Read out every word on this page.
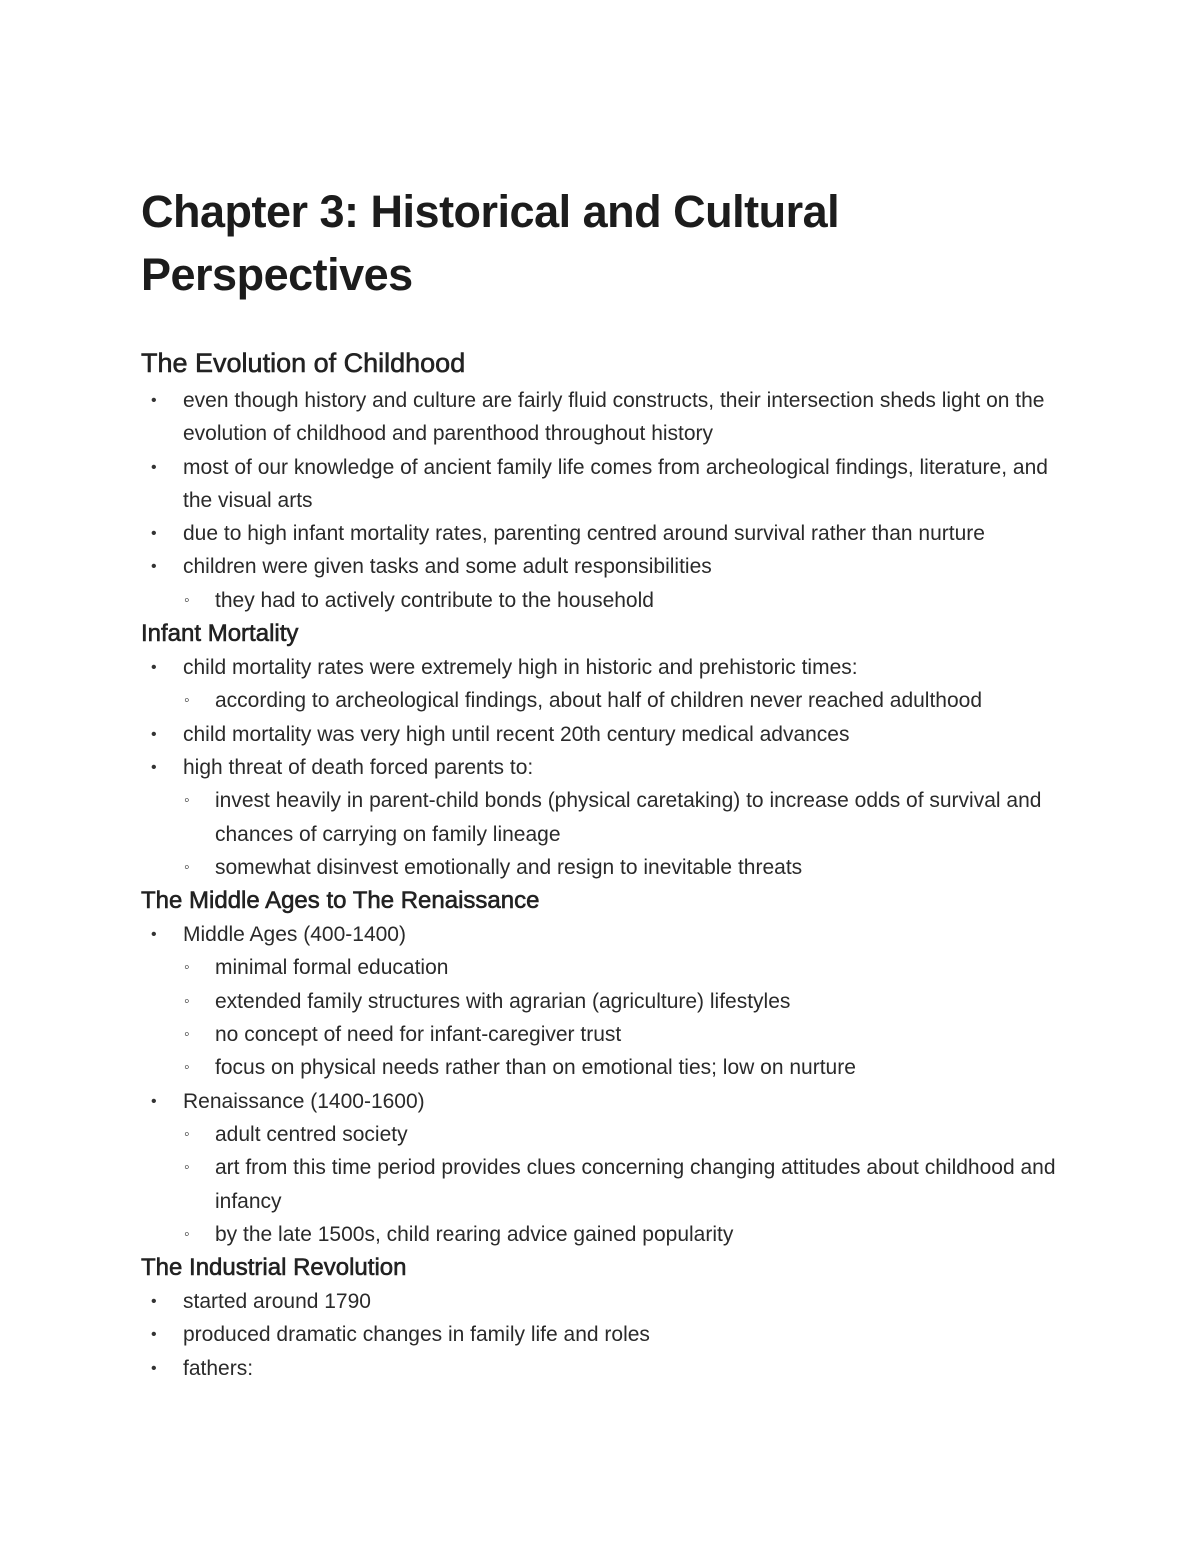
Chapter 3: Historical and Cultural Perspectives
The Evolution of Childhood
• even though history and culture are fairly fluid constructs, their intersection sheds light on the evolution of childhood and parenthood throughout history
• most of our knowledge of ancient family life comes from archeological findings, literature, and the visual arts
• due to high infant mortality rates, parenting centred around survival rather than nurture
• children were given tasks and some adult responsibilities
◦ they had to actively contribute to the household
Infant Mortality
• child mortality rates were extremely high in historic and prehistoric times:
◦ according to archeological findings, about half of children never reached adulthood
• child mortality was very high until recent 20th century medical advances
• high threat of death forced parents to:
◦ invest heavily in parent-child bonds (physical caretaking) to increase odds of survival and chances of carrying on family lineage
◦ somewhat disinvest emotionally and resign to inevitable threats
The Middle Ages to The Renaissance
• Middle Ages (400-1400)
◦ minimal formal education
◦ extended family structures with agrarian (agriculture) lifestyles
◦ no concept of need for infant-caregiver trust
◦ focus on physical needs rather than on emotional ties; low on nurture
• Renaissance (1400-1600)
◦ adult centred society
◦ art from this time period provides clues concerning changing attitudes about childhood and infancy
◦ by the late 1500s, child rearing advice gained popularity
The Industrial Revolution
• started around 1790
• produced dramatic changes in family life and roles
• fathers:
